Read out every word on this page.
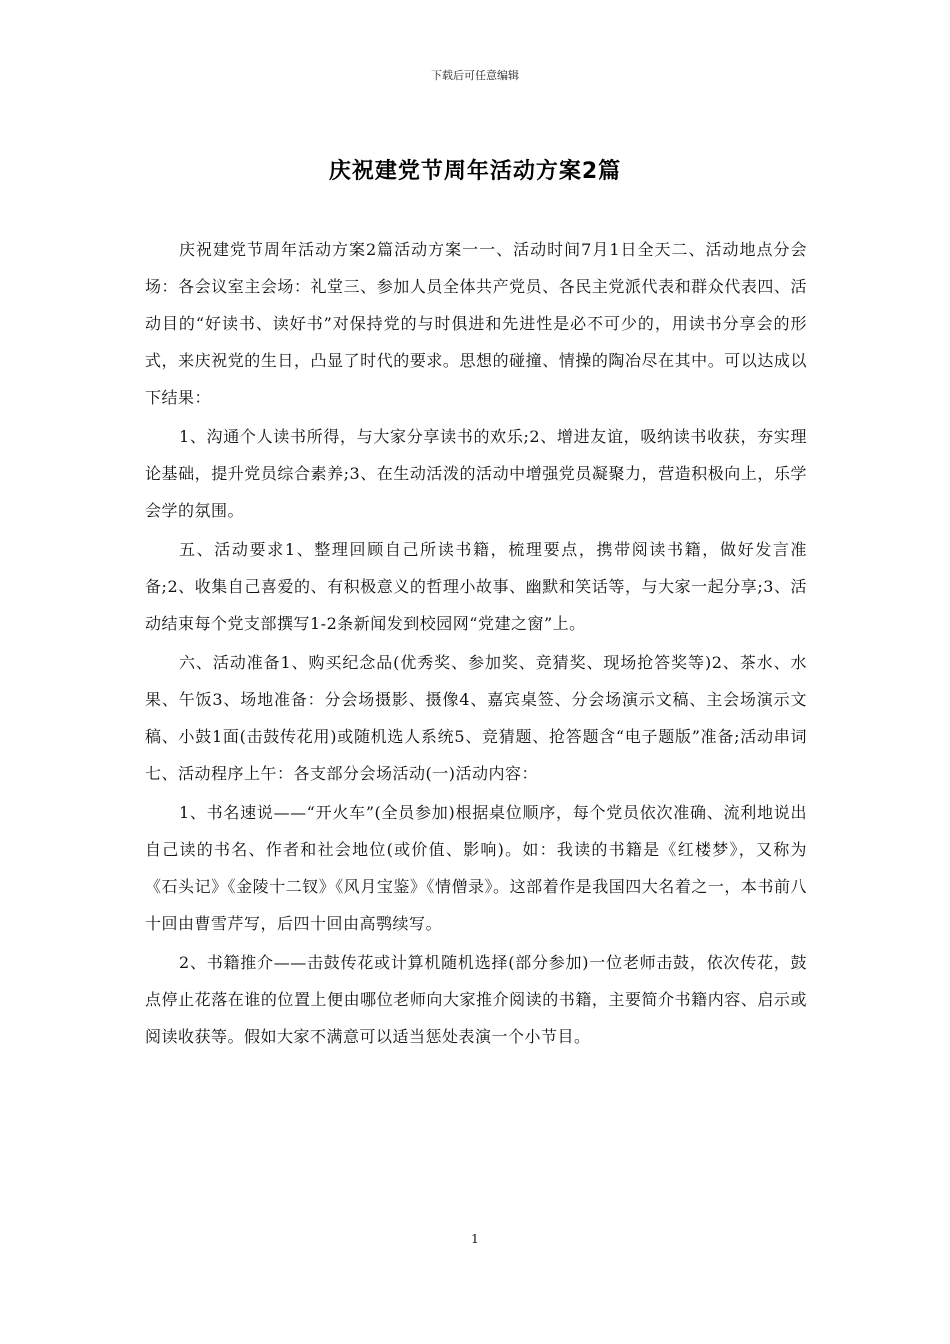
下载后可任意编辑
庆祝建党节周年活动方案2篇

庆祝建党节周年活动方案2篇活动方案一一、活动时间7月1日全天二、活动地点分会场：各会议室主会场：礼堂三、参加人员全体共产党员、各民主党派代表和群众代表四、活动目的“好读书、读好书”对保持党的与时俱进和先进性是必不可少的，用读书分享会的形式，来庆祝党的生日，凸显了时代的要求。思想的碰撞、情操的陶冶尽在其中。可以达成以下结果：

1、沟通个人读书所得，与大家分享读书的欢乐;2、增进友谊，吸纳读书收获，夯实理论基础，提升党员综合素养;3、在生动活泼的活动中增强党员凝聚力，营造积极向上，乐学会学的氛围。

五、活动要求1、整理回顾自己所读书籍，梳理要点，携带阅读书籍，做好发言准备;2、收集自己喜爱的、有积极意义的哲理小故事、幽默和笑话等，与大家一起分享;3、活动结束每个党支部撰写1-2条新闻发到校园网“党建之窗”上。

六、活动准备1、购买纪念品(优秀奖、参加奖、竞猜奖、现场抢答奖等)2、茶水、水果、午饭3、场地准备：分会场摄影、摄像4、嘉宾桌签、分会场演示文稿、主会场演示文稿、小鼓1面(击鼓传花用)或随机选人系统5、竞猜题、抢答题含“电子题版”准备;活动串词七、活动程序上午：各支部分会场活动(一)活动内容：

1、书名速说——“开火车”(全员参加)根据桌位顺序，每个党员依次准确、流利地说出自己读的书名、作者和社会地位(或价值、影响)。如：我读的书籍是《红楼梦》，又称为《石头记》《金陵十二钗》《风月宝鉴》《情僧录》。这部着作是我国四大名着之一，本书前八十回由曹雪芹写，后四十回由高鹗续写。

2、书籍推介——击鼓传花或计算机随机选择(部分参加)一位老师击鼓，依次传花，鼓点停止花落在谁的位置上便由哪位老师向大家推介阅读的书籍，主要简介书籍内容、启示或阅读收获等。假如大家不满意可以适当惩处表演一个小节目。

1
